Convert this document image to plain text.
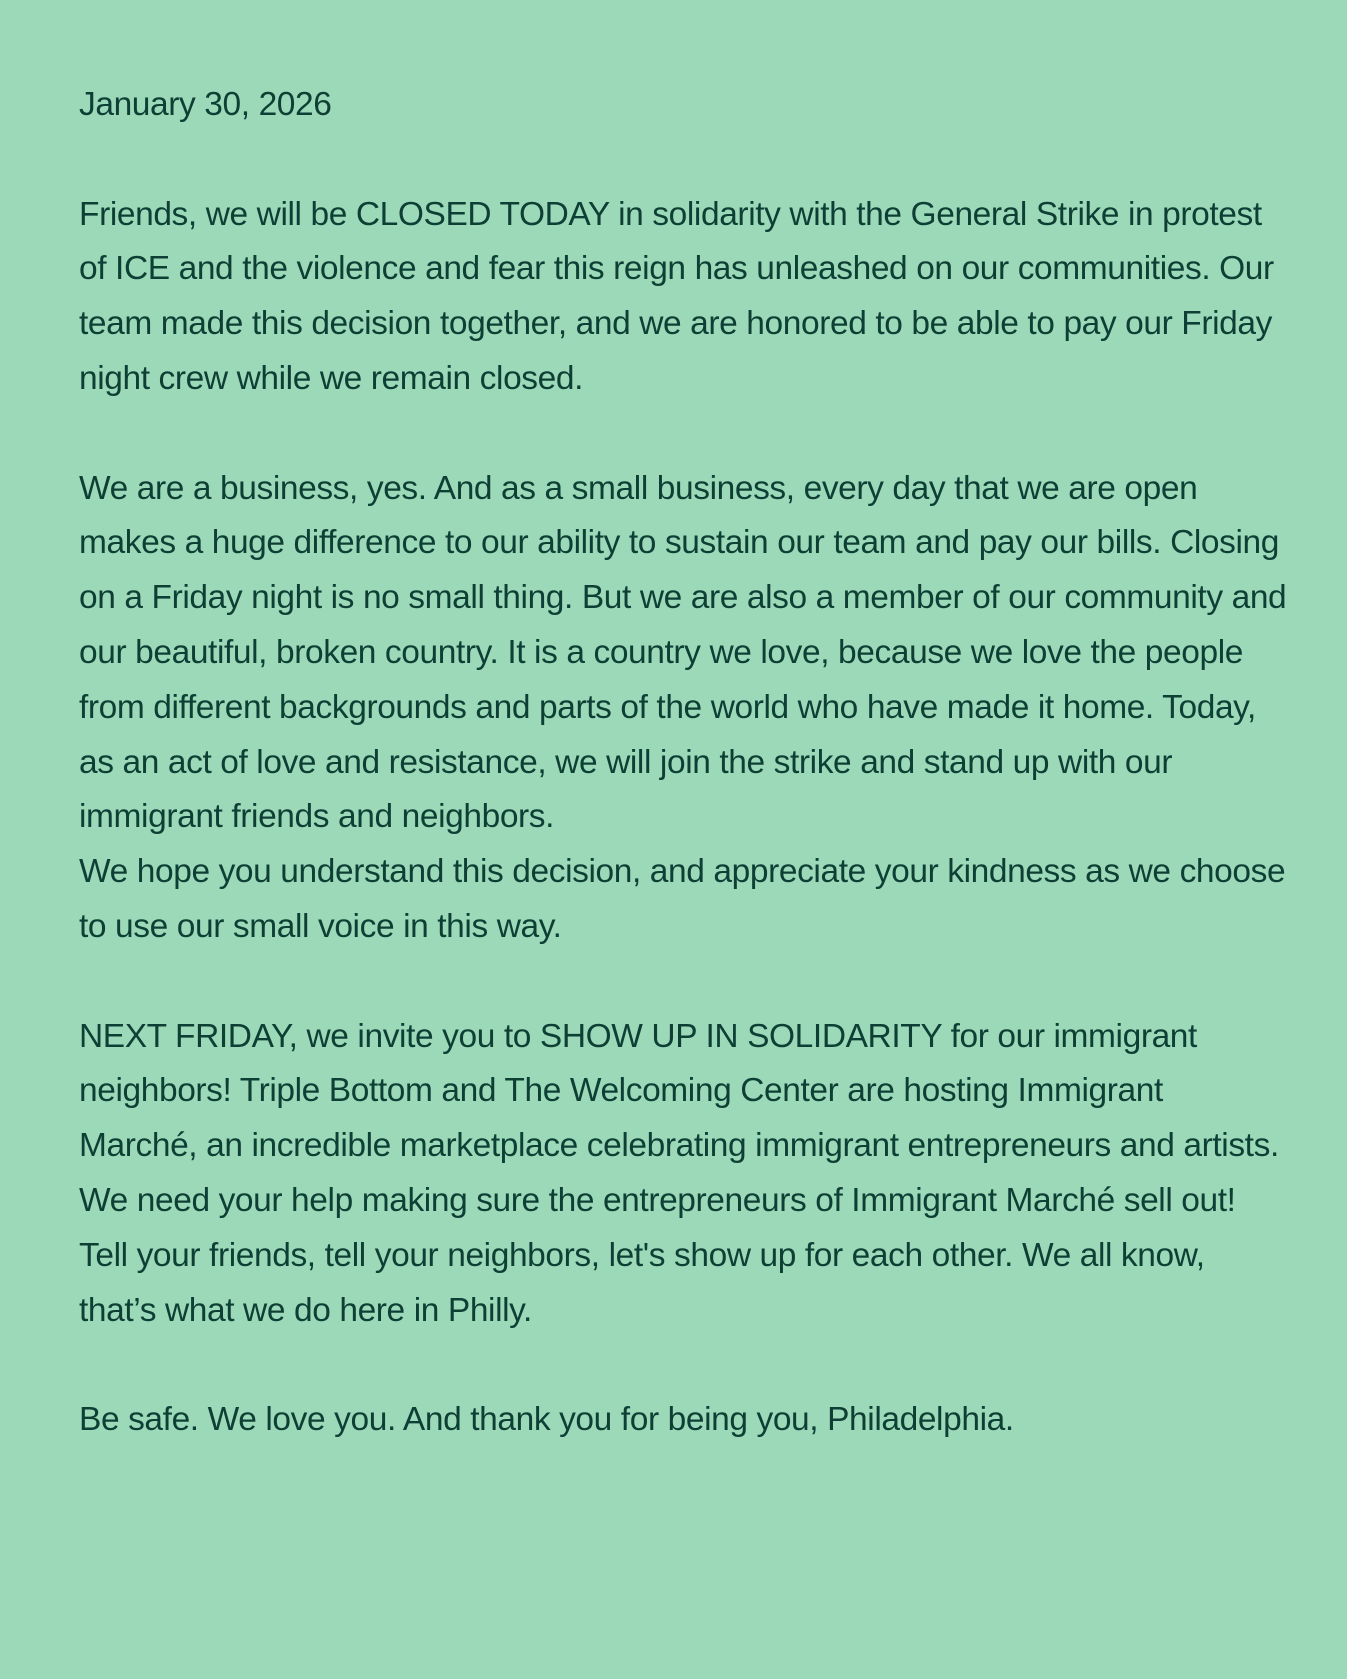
January 30, 2026

Friends, we will be CLOSED TODAY in solidarity with the General Strike in protest of ICE and the violence and fear this reign has unleashed on our communities. Our team made this decision together, and we are honored to be able to pay our Friday night crew while we remain closed.

We are a business, yes. And as a small business, every day that we are open makes a huge difference to our ability to sustain our team and pay our bills. Closing on a Friday night is no small thing. But we are also a member of our community and our beautiful, broken country. It is a country we love, because we love the people from different backgrounds and parts of the world who have made it home. Today, as an act of love and resistance, we will join the strike and stand up with our immigrant friends and neighbors.

We hope you understand this decision, and appreciate your kindness as we choose to use our small voice in this way.

NEXT FRIDAY, we invite you to SHOW UP IN SOLIDARITY for our immigrant neighbors! Triple Bottom and The Welcoming Center are hosting Immigrant Marché, an incredible marketplace celebrating immigrant entrepreneurs and artists. We need your help making sure the entrepreneurs of Immigrant Marché sell out! Tell your friends, tell your neighbors, let's show up for each other. We all know, that’s what we do here in Philly.

Be safe. We love you. And thank you for being you, Philadelphia.
